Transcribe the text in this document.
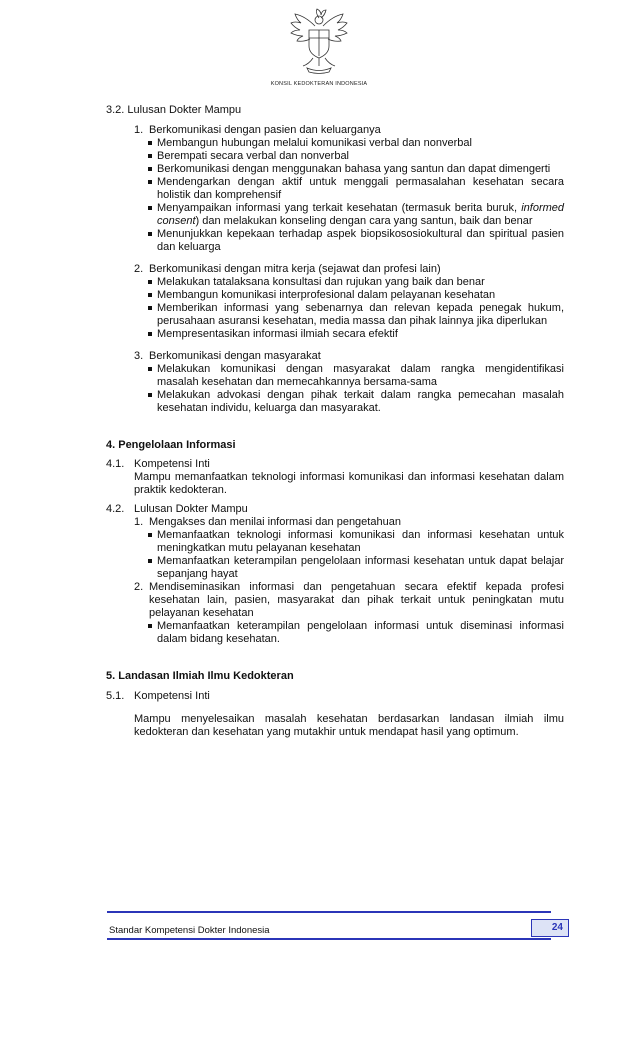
KONSIL KEDOKTERAN INDONESIA
3.2. Lulusan Dokter Mampu
1. Berkomunikasi dengan pasien dan keluarganya
Membangun hubungan melalui komunikasi verbal dan nonverbal
Berempati secara verbal dan nonverbal
Berkomunikasi dengan menggunakan bahasa yang santun dan dapat dimengerti
Mendengarkan dengan aktif untuk menggali permasalahan kesehatan secara holistik dan komprehensif
Menyampaikan informasi yang terkait kesehatan (termasuk berita buruk, informed consent) dan melakukan konseling dengan cara yang santun, baik dan benar
Menunjukkan kepekaan terhadap aspek biopsikososiokultural dan spiritual pasien dan keluarga
2. Berkomunikasi dengan mitra kerja (sejawat dan profesi lain)
Melakukan tatalaksana konsultasi dan rujukan yang baik dan benar
Membangun komunikasi interprofesional dalam pelayanan kesehatan
Memberikan informasi yang sebenarnya dan relevan kepada penegak hukum, perusahaan asuransi kesehatan, media massa dan pihak lainnya jika diperlukan
Mempresentasikan informasi ilmiah secara efektif
3. Berkomunikasi dengan masyarakat
Melakukan komunikasi dengan masyarakat dalam rangka mengidentifikasi masalah kesehatan dan memecahkannya bersama-sama
Melakukan advokasi dengan pihak terkait dalam rangka pemecahan masalah kesehatan individu, keluarga dan masyarakat.
4. Pengelolaan Informasi
4.1. Kompetensi Inti
Mampu memanfaatkan teknologi informasi komunikasi dan informasi kesehatan dalam praktik kedokteran.
4.2. Lulusan Dokter Mampu
1. Mengakses dan menilai informasi dan pengetahuan
Memanfaatkan teknologi informasi komunikasi dan informasi kesehatan untuk meningkatkan mutu pelayanan kesehatan
Memanfaatkan keterampilan pengelolaan informasi kesehatan untuk dapat belajar sepanjang hayat
2. Mendiseminasikan informasi dan pengetahuan secara efektif kepada profesi kesehatan lain, pasien, masyarakat dan pihak terkait untuk peningkatan mutu pelayanan kesehatan
Memanfaatkan keterampilan pengelolaan informasi untuk diseminasi informasi dalam bidang kesehatan.
5. Landasan Ilmiah Ilmu Kedokteran
5.1. Kompetensi Inti
Mampu menyelesaikan masalah kesehatan berdasarkan landasan ilmiah ilmu kedokteran dan kesehatan yang mutakhir untuk mendapat hasil yang optimum.
Standar Kompetensi Dokter Indonesia	24
